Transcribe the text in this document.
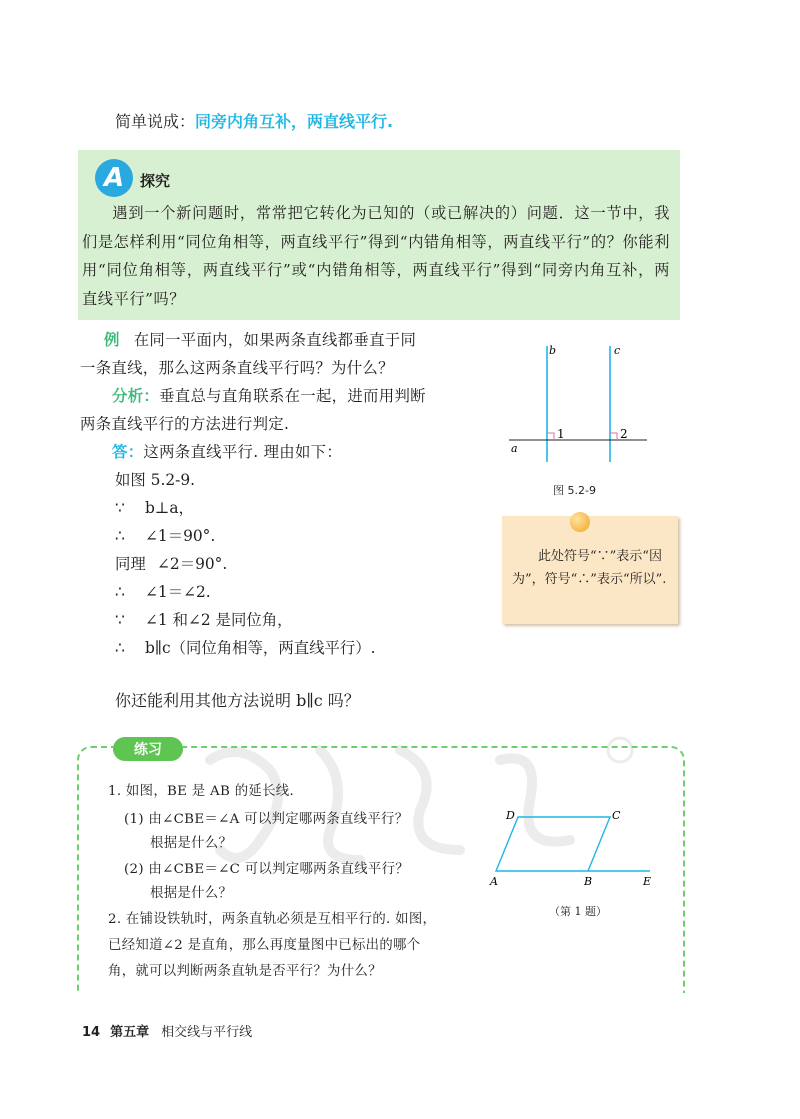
简单说成：同旁内角互补，两直线平行.
A 探究

遇到一个新问题时，常常把它转化为已知的（或已解决的）问题．这一节中，我们是怎样利用“同位角相等，两直线平行”得到“内错角相等，两直线平行”的？你能利用“同位角相等，两直线平行”或“内错角相等，两直线平行”得到“同旁内角互补，两直线平行”吗？

例 在同一平面内，如果两条直线都垂直于同
一条直线，那么这两条直线平行吗？为什么？
分析：垂直总与直角联系在一起，进而用判断
两条直线平行的方法进行判定.
答：这两条直线平行. 理由如下：
如图 5.2-9.
∵ b⊥a，
∴ ∠1＝90°.
同理 ∠2＝90°.
∴ ∠1＝∠2.
∵ ∠1 和∠2 是同位角，
∴ b∥c（同位角相等，两直线平行）.
b	c
a
1	2
图 5.2-9

此处符号“∵”表示“因为”，符号“∴”表示“所以”.

你还能利用其他方法说明 b∥c 吗？
练习
1. 如图，BE 是 AB 的延长线.
(1) 由∠CBE＝∠A 可以判定哪两条直线平行？
根据是什么？
(2) 由∠CBE＝∠C 可以判定哪两条直线平行？
根据是什么？
2. 在铺设铁轨时，两条直轨必须是互相平行的. 如图，
已经知道∠2 是直角，那么再度量图中已标出的哪个
角，就可以判断两条直轨是否平行？为什么？
D	C
A	B	E
（第 1 题）
14 第五章 相交线与平行线
